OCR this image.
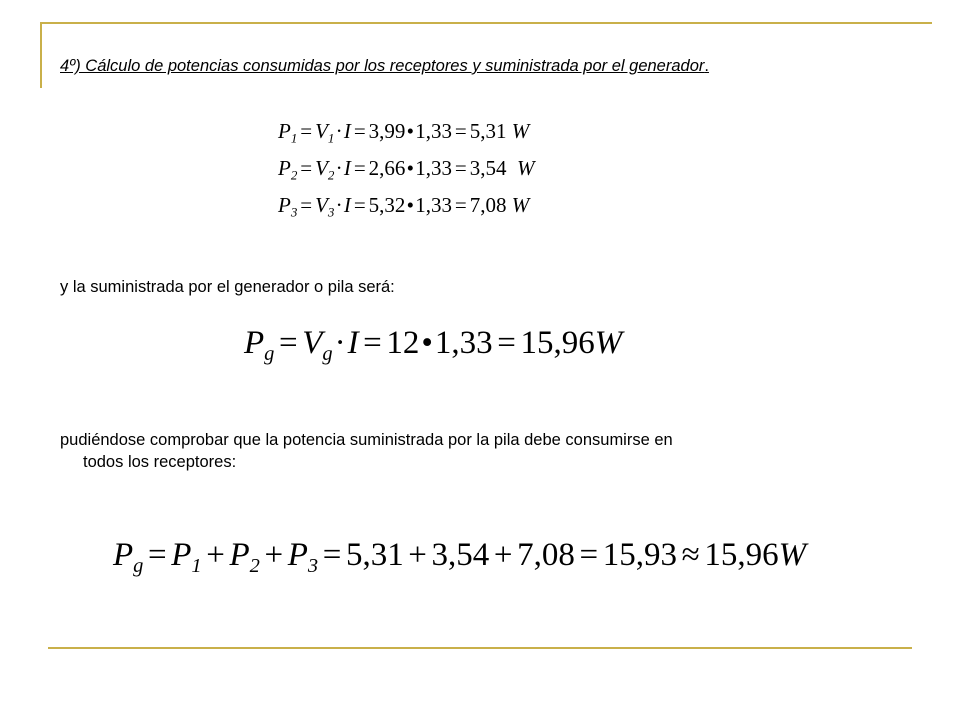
4º) Cálculo de potencias consumidas por los receptores y suministrada por el generador.
$P_1 = V_1\cdot I$ = 3,99•1,33 = 5,31 W
$P_2 = V_2\cdot I$ = 2,66•1,33 = 3,54 W
$P_3 = V_3\cdot I$ = 5,32•1,33 = 7,08 W
y la suministrada por el generador o pila será:
$P_g = V_g\cdot I$ = 12•1,33 = 15,96W
pudiéndose comprobar que la potencia suministrada por la pila debe consumirse en
todos los receptores:
$P_g = P_1 + P_2 + P_3 = 5,31 + 3,54 + 7,08 = 15,93 \approx 15,96W$
